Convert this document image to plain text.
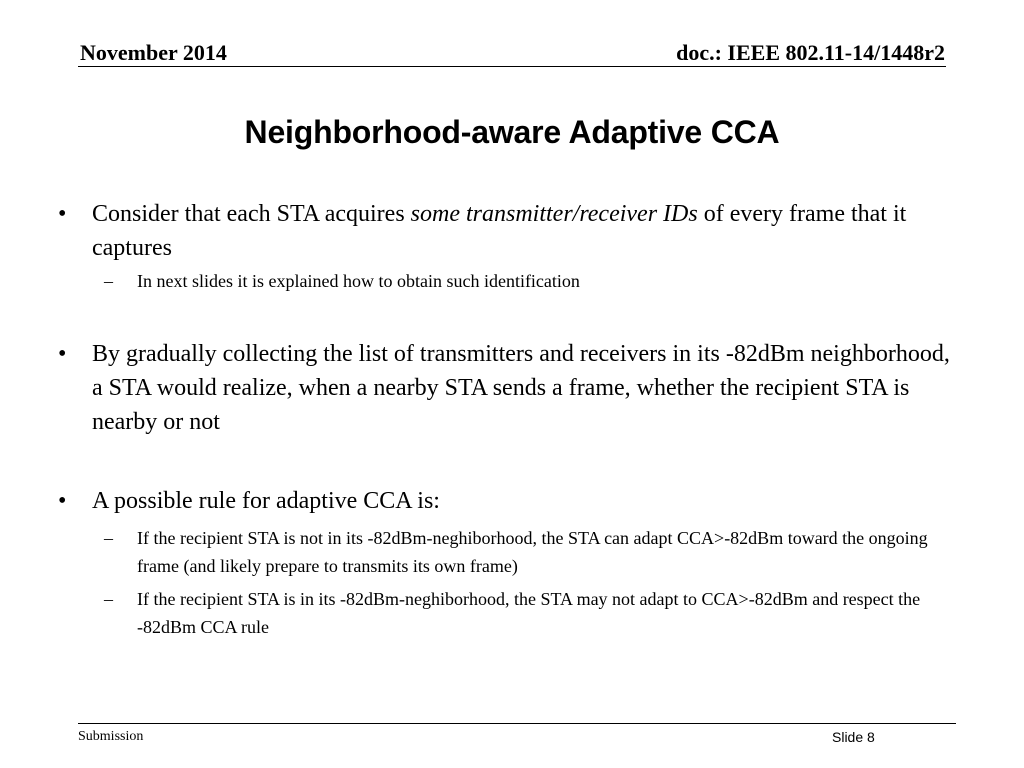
November 2014	doc.: IEEE 802.11-14/1448r2
Neighborhood-aware Adaptive CCA
• Consider that each STA acquires some transmitter/receiver IDs of every frame that it captures
– In next slides it is explained how to obtain such identification
• By gradually collecting the list of transmitters and receivers in its -82dBm neighborhood, a STA would realize, when a nearby STA sends a frame, whether the recipient STA is nearby or not
• A possible rule for adaptive CCA is:
– If the recipient STA is not in its -82dBm-neghiborhood, the STA can adapt CCA>-82dBm toward the ongoing frame (and likely prepare to transmits its own frame)
– If the recipient STA is in its -82dBm-neghiborhood, the STA may not adapt to CCA>-82dBm and respect the -82dBm CCA rule
Submission	Slide 8
